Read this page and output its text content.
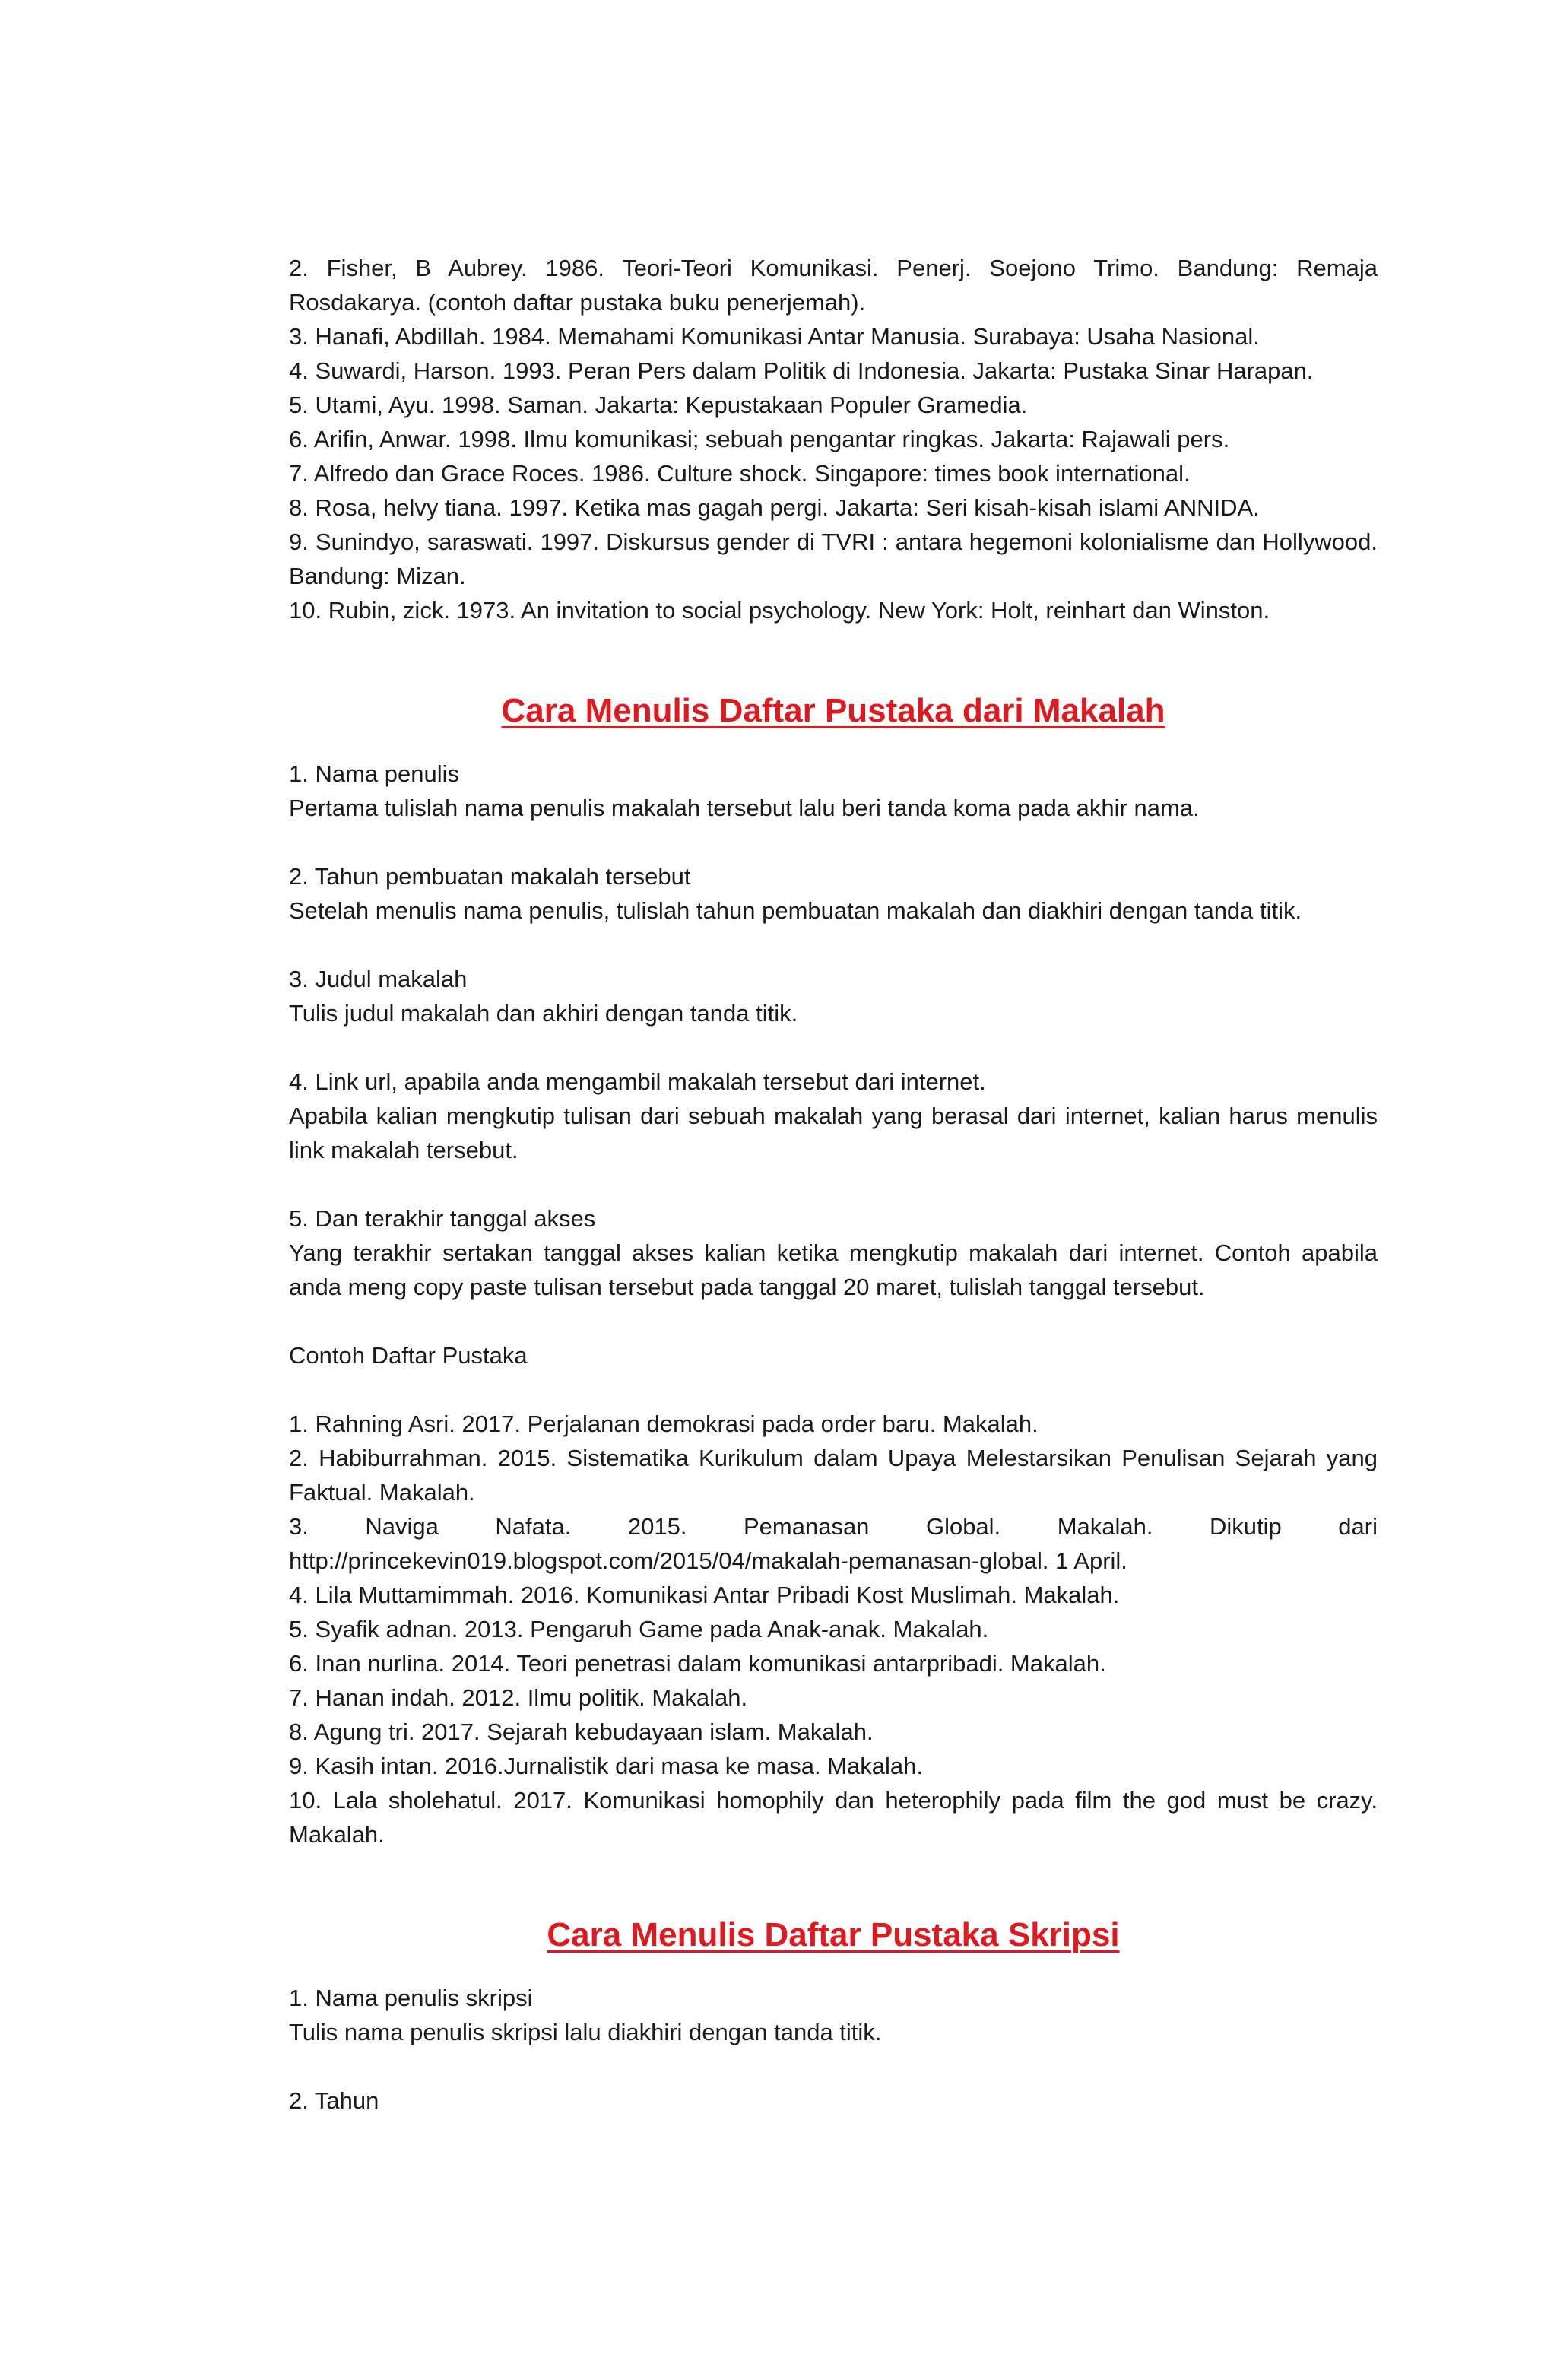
2. Fisher, B Aubrey. 1986. Teori-Teori Komunikasi. Penerj. Soejono Trimo. Bandung: Remaja Rosdakarya. (contoh daftar pustaka buku penerjemah).

3. Hanafi, Abdillah. 1984. Memahami Komunikasi Antar Manusia. Surabaya: Usaha Nasional.

4. Suwardi, Harson. 1993. Peran Pers dalam Politik di Indonesia. Jakarta: Pustaka Sinar Harapan.

5. Utami, Ayu. 1998. Saman. Jakarta: Kepustakaan Populer Gramedia.

6. Arifin, Anwar. 1998. Ilmu komunikasi; sebuah pengantar ringkas. Jakarta: Rajawali pers.

7. Alfredo dan Grace Roces. 1986. Culture shock. Singapore: times book international.

8. Rosa, helvy tiana. 1997. Ketika mas gagah pergi. Jakarta: Seri kisah-kisah islami ANNIDA.

9. Sunindyo, saraswati. 1997. Diskursus gender di TVRI : antara hegemoni kolonialisme dan Hollywood. Bandung: Mizan.

10. Rubin, zick. 1973. An invitation to social psychology. New York: Holt, reinhart dan Winston.

Cara Menulis Daftar Pustaka dari Makalah

1. Nama penulis

Pertama tulislah nama penulis makalah tersebut lalu beri tanda koma pada akhir nama.

2. Tahun pembuatan makalah tersebut

Setelah menulis nama penulis, tulislah tahun pembuatan makalah dan diakhiri dengan tanda titik.

3. Judul makalah

Tulis judul makalah dan akhiri dengan tanda titik.

4. Link url, apabila anda mengambil makalah tersebut dari internet.

Apabila kalian mengkutip tulisan dari sebuah makalah yang berasal dari internet, kalian harus menulis link makalah tersebut.

5. Dan terakhir tanggal akses

Yang terakhir sertakan tanggal akses kalian ketika mengkutip makalah dari internet. Contoh apabila anda meng copy paste tulisan tersebut pada tanggal 20 maret, tulislah tanggal tersebut.

Contoh Daftar Pustaka

1. Rahning Asri. 2017. Perjalanan demokrasi pada order baru. Makalah.

2. Habiburrahman. 2015. Sistematika Kurikulum dalam Upaya Melestarsikan Penulisan Sejarah yang Faktual. Makalah.

3. Naviga Nafata. 2015. Pemanasan Global. Makalah. Dikutip dari

http://princekevin019.blogspot.com/2015/04/makalah-pemanasan-global. 1 April.

4. Lila Muttamimmah. 2016. Komunikasi Antar Pribadi Kost Muslimah. Makalah.

5. Syafik adnan. 2013. Pengaruh Game pada Anak-anak. Makalah.

6. Inan nurlina. 2014. Teori penetrasi dalam komunikasi antarpribadi. Makalah.

7. Hanan indah. 2012. Ilmu politik. Makalah.

8. Agung tri. 2017. Sejarah kebudayaan islam. Makalah.

9. Kasih intan. 2016.Jurnalistik dari masa ke masa. Makalah.

10. Lala sholehatul. 2017. Komunikasi homophily dan heterophily pada film the god must be crazy. Makalah.

Cara Menulis Daftar Pustaka Skripsi

1. Nama penulis skripsi

Tulis nama penulis skripsi lalu diakhiri dengan tanda titik.

2. Tahun
